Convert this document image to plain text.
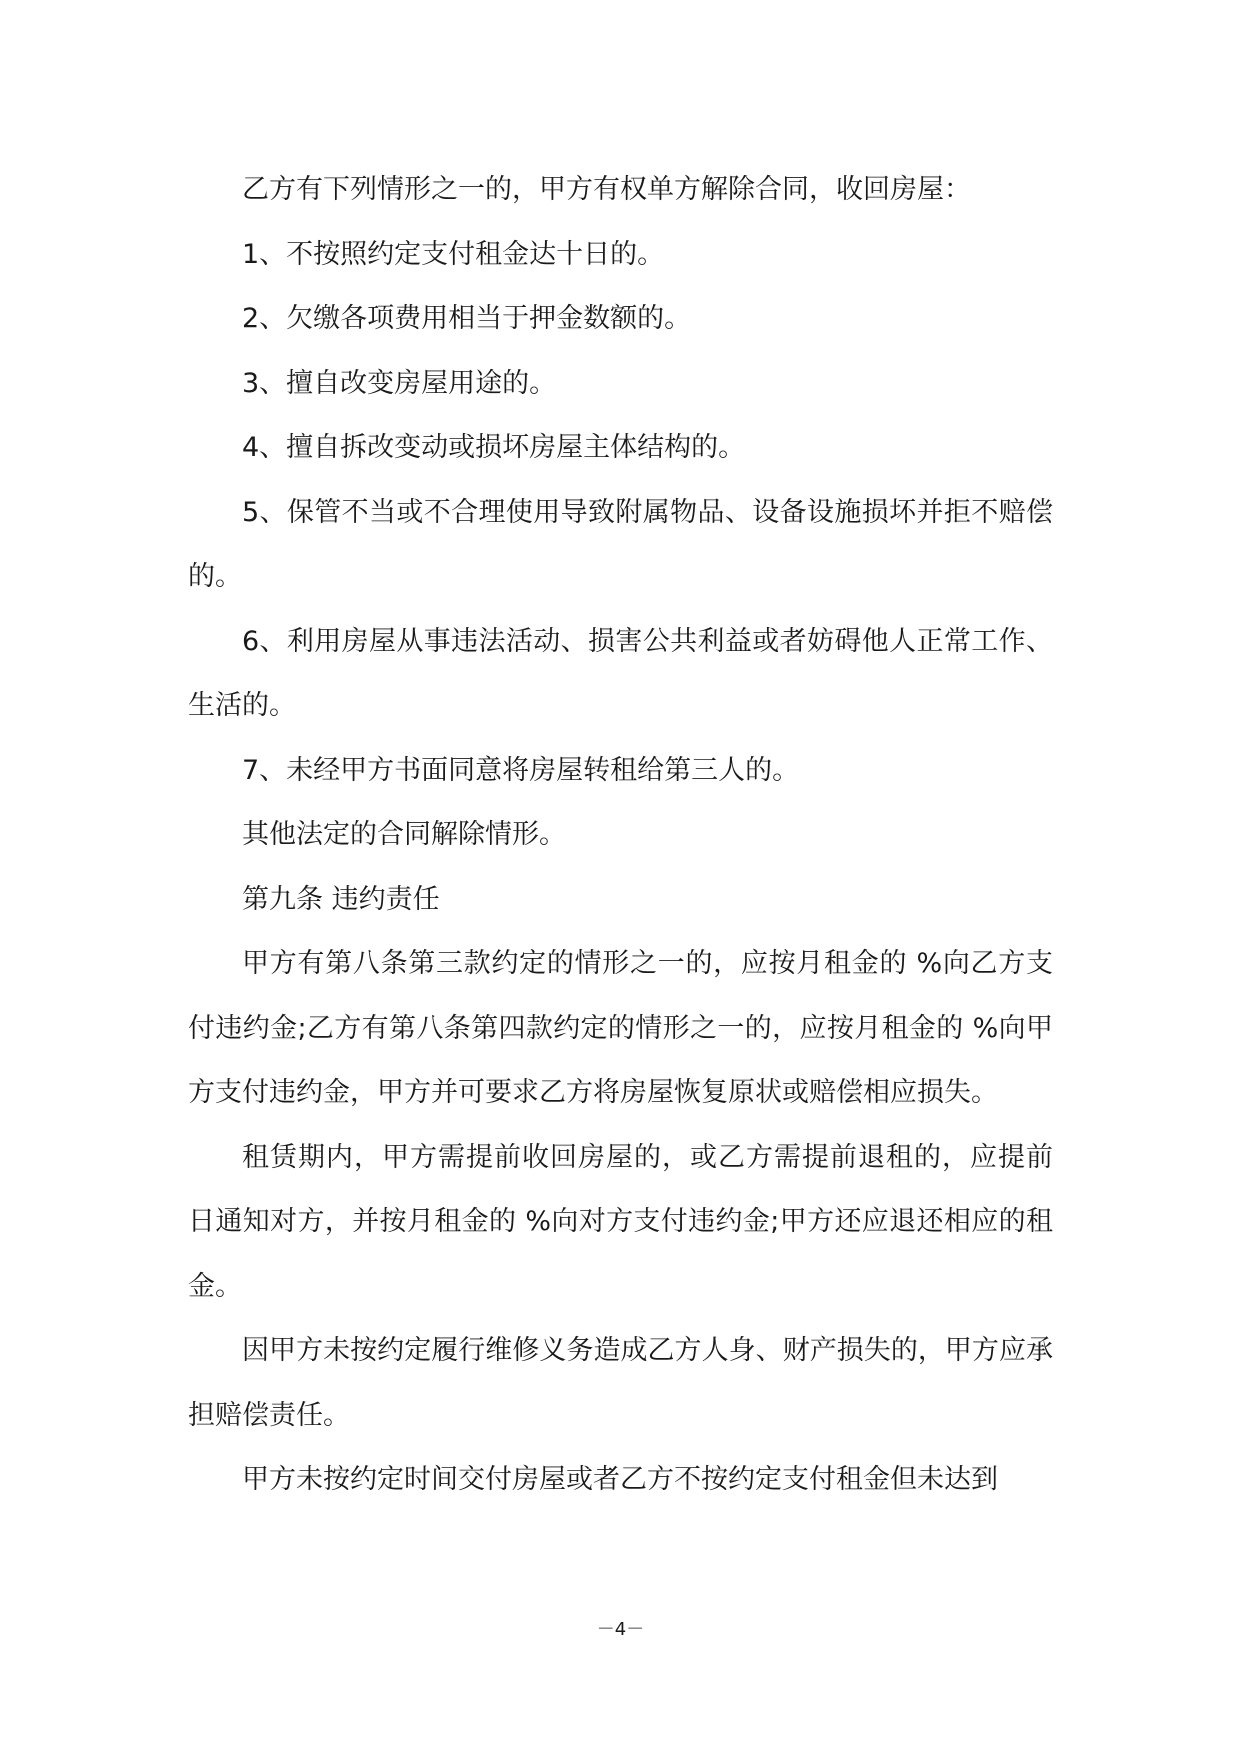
乙方有下列情形之一的，甲方有权单方解除合同，收回房屋：

1、不按照约定支付租金达十日的。

2、欠缴各项费用相当于押金数额的。

3、擅自改变房屋用途的。

4、擅自拆改变动或损坏房屋主体结构的。

5、保管不当或不合理使用导致附属物品、设备设施损坏并拒不赔偿的。

6、利用房屋从事违法活动、损害公共利益或者妨碍他人正常工作、生活的。

7、未经甲方书面同意将房屋转租给第三人的。

其他法定的合同解除情形。

第九条 违约责任

甲方有第八条第三款约定的情形之一的，应按月租金的 %向乙方支付违约金;乙方有第八条第四款约定的情形之一的，应按月租金的 %向甲方支付违约金，甲方并可要求乙方将房屋恢复原状或赔偿相应损失。

租赁期内，甲方需提前收回房屋的，或乙方需提前退租的，应提前 日通知对方，并按月租金的 %向对方支付违约金;甲方还应退还相应的租金。

因甲方未按约定履行维修义务造成乙方人身、财产损失的，甲方应承担赔偿责任。

甲方未按约定时间交付房屋或者乙方不按约定支付租金但未达到

－4－
